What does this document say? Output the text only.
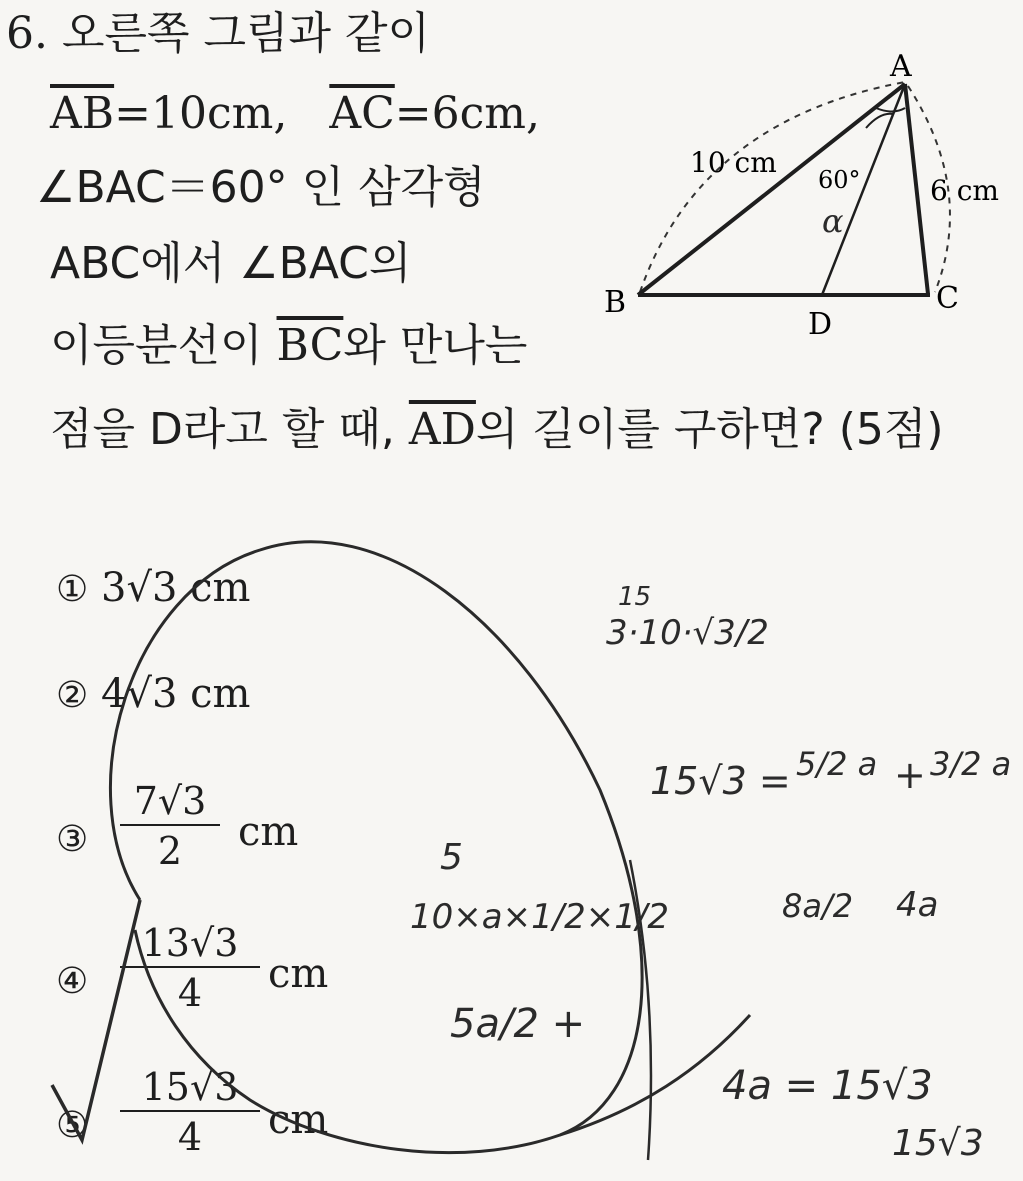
6. 오른쪽 그림과 같이
$\overline{AB}=10cm$, $\overline{AC}=6cm$,
∠BAC＝60° 인 삼각형
ABC에서 ∠BAC의
이등분선이 $\overline{BC}$와 만나는
점을 D라고 할 때, $\overline{AD}$의 길이를 구하면? (5점)
A
B	C
D
10 cm
6 cm
60°
α
① 3√3 cm
② 4√3 cm
③ $\frac{7√3}{2}$ cm
④ $\frac{13√3}{4}$ cm
⑤ $\frac{15√3}{4}$ cm
15
3·10·√3/2
15√3 = 5/2 a + 3/2 a
5
10×a×1/2×1/2
5a/2 +
8a/2 4a
4a = 15√3
15√3
